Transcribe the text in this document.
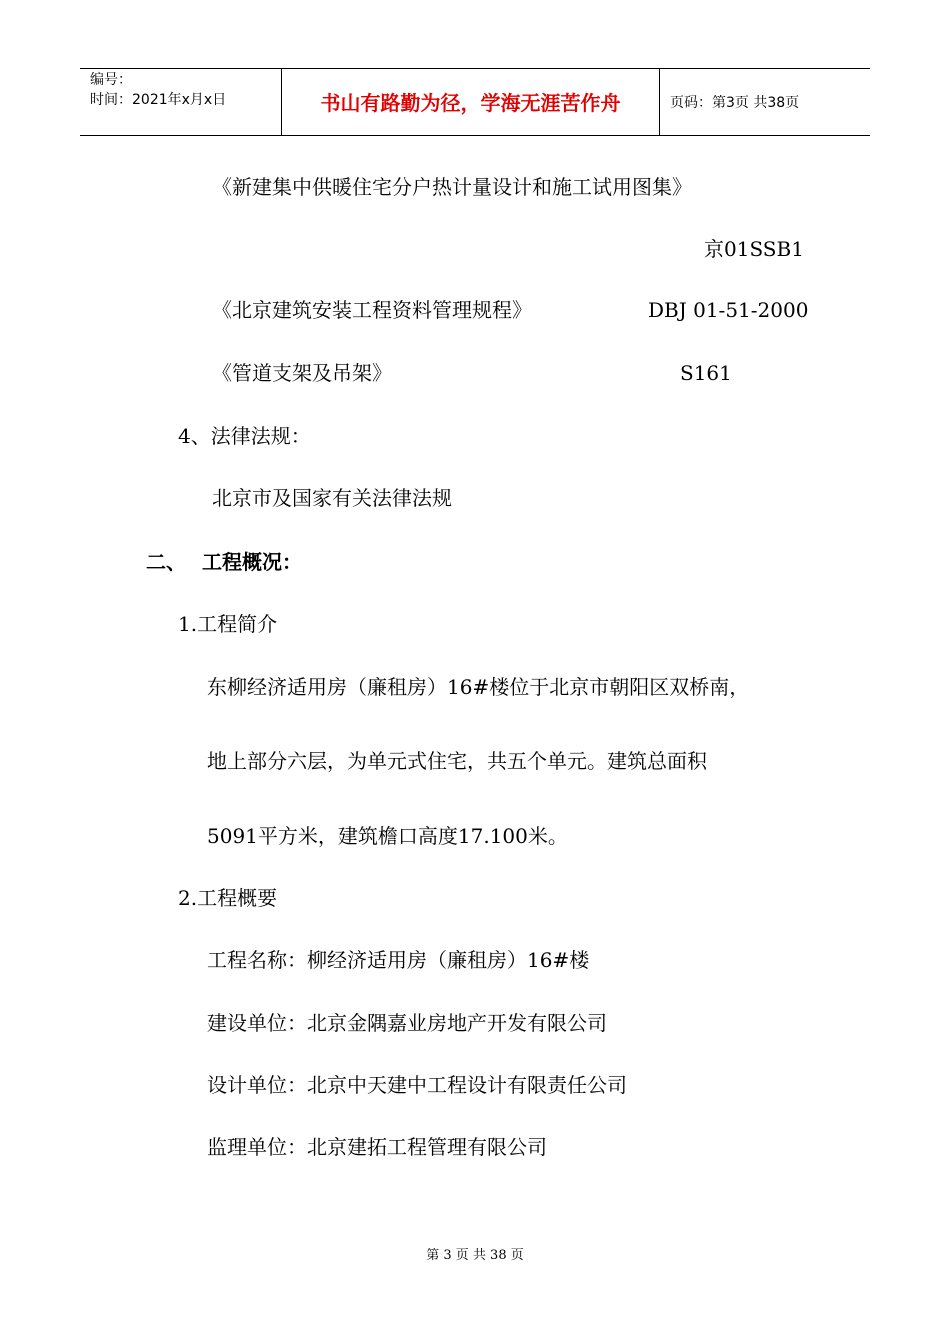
编号：
时间：2021年x月x日	书山有路勤为径，学海无涯苦作舟	页码：第3页 共38页
《新建集中供暖住宅分户热计量设计和施工试用图集》
京01SSB1
《北京建筑安装工程资料管理规程》	DBJ 01-51-2000
《管道支架及吊架》	S161
4、法律法规：
北京市及国家有关法律法规
二、 工程概况：
1.工程简介
东柳经济适用房（廉租房）16#楼位于北京市朝阳区双桥南，
地上部分六层，为单元式住宅，共五个单元。建筑总面积
5091平方米，建筑檐口高度17.100米。
2.工程概要
工程名称：柳经济适用房（廉租房）16#楼
建设单位：北京金隅嘉业房地产开发有限公司
设计单位：北京中天建中工程设计有限责任公司
监理单位：北京建拓工程管理有限公司
第 3 页 共 38 页
